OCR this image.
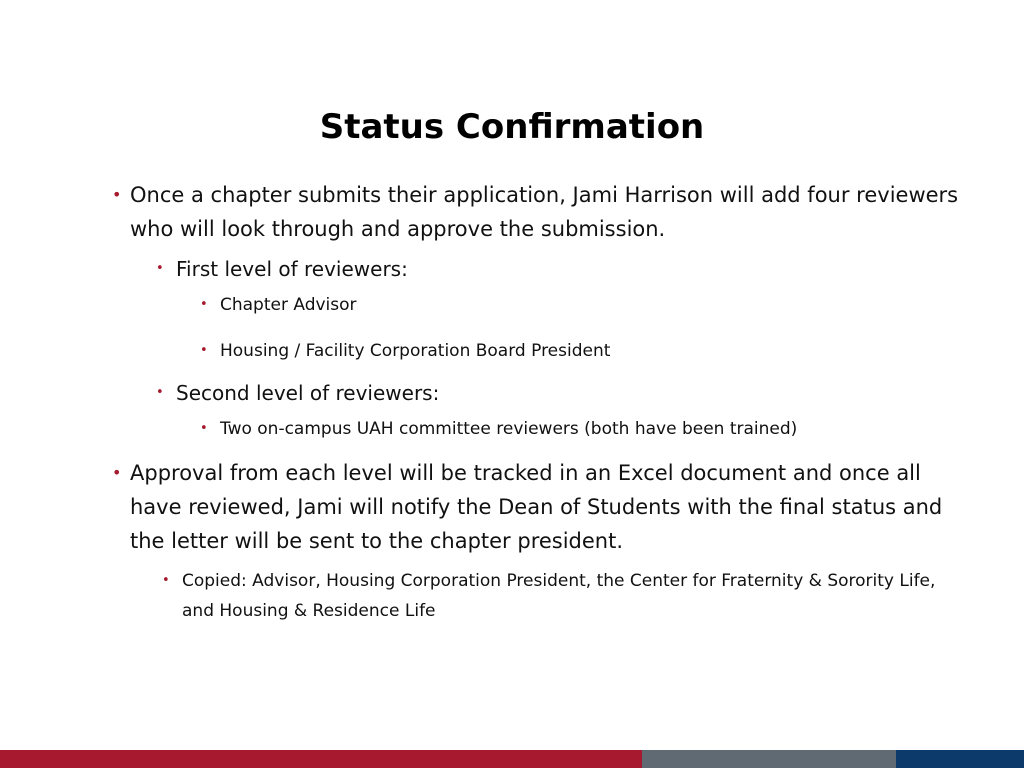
Status Confirmation
• Once a chapter submits their application, Jami Harrison will add four reviewers who will look through and approve the submission.
• First level of reviewers:
• Chapter Advisor
• Housing / Facility Corporation Board President
• Second level of reviewers:
• Two on-campus UAH committee reviewers (both have been trained)
• Approval from each level will be tracked in an Excel document and once all have reviewed, Jami will notify the Dean of Students with the final status and the letter will be sent to the chapter president.
• Copied: Advisor, Housing Corporation President, the Center for Fraternity & Sorority Life, and Housing & Residence Life
